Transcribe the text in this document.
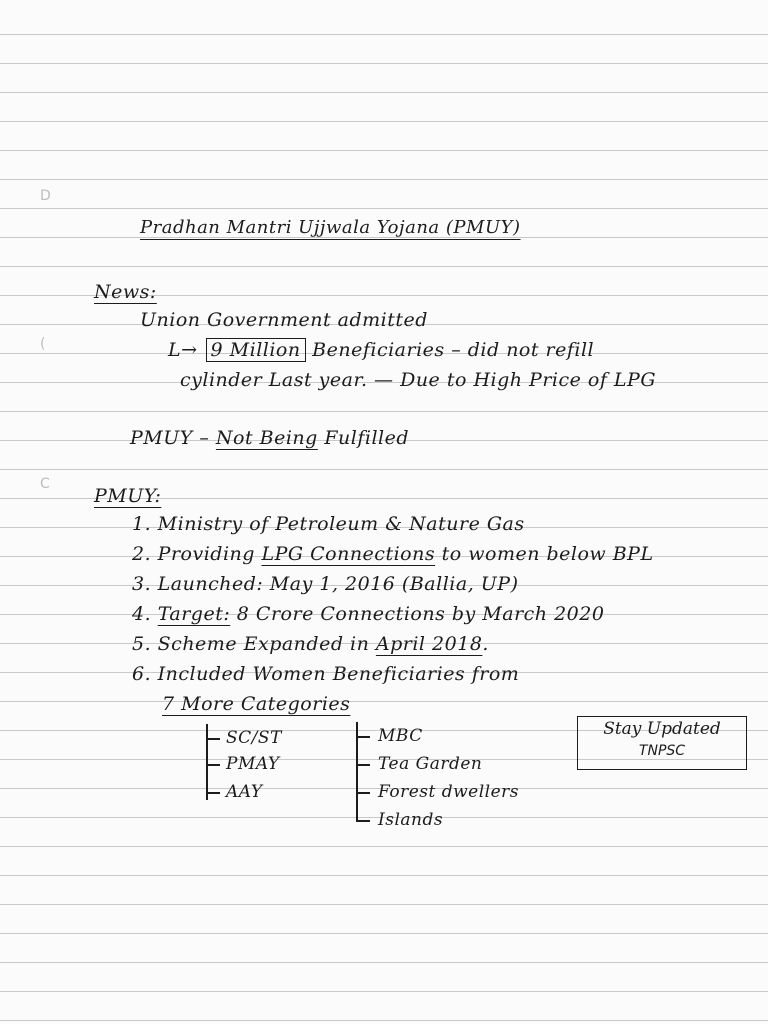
D
(
C
Pradhan Mantri Ujjwala Yojana (PMUY)
News:
Union Government admitted
L→ 9 Million Beneficiaries – did not refill
cylinder Last year. — Due to High Price of LPG
PMUY – Not Being Fulfilled
PMUY:
1. Ministry of Petroleum & Nature Gas
2. Providing LPG Connections to women below BPL
3. Launched: May 1, 2016 (Ballia, UP)
4. Target: 8 Crore Connections by March 2020
5. Scheme Expanded in April 2018.
6. Included Women Beneficiaries from
7 More Categories
SC/ST
PMAY
AAY
MBC
Tea Garden
Forest dwellers
Islands
Stay Updated
TNPSC
